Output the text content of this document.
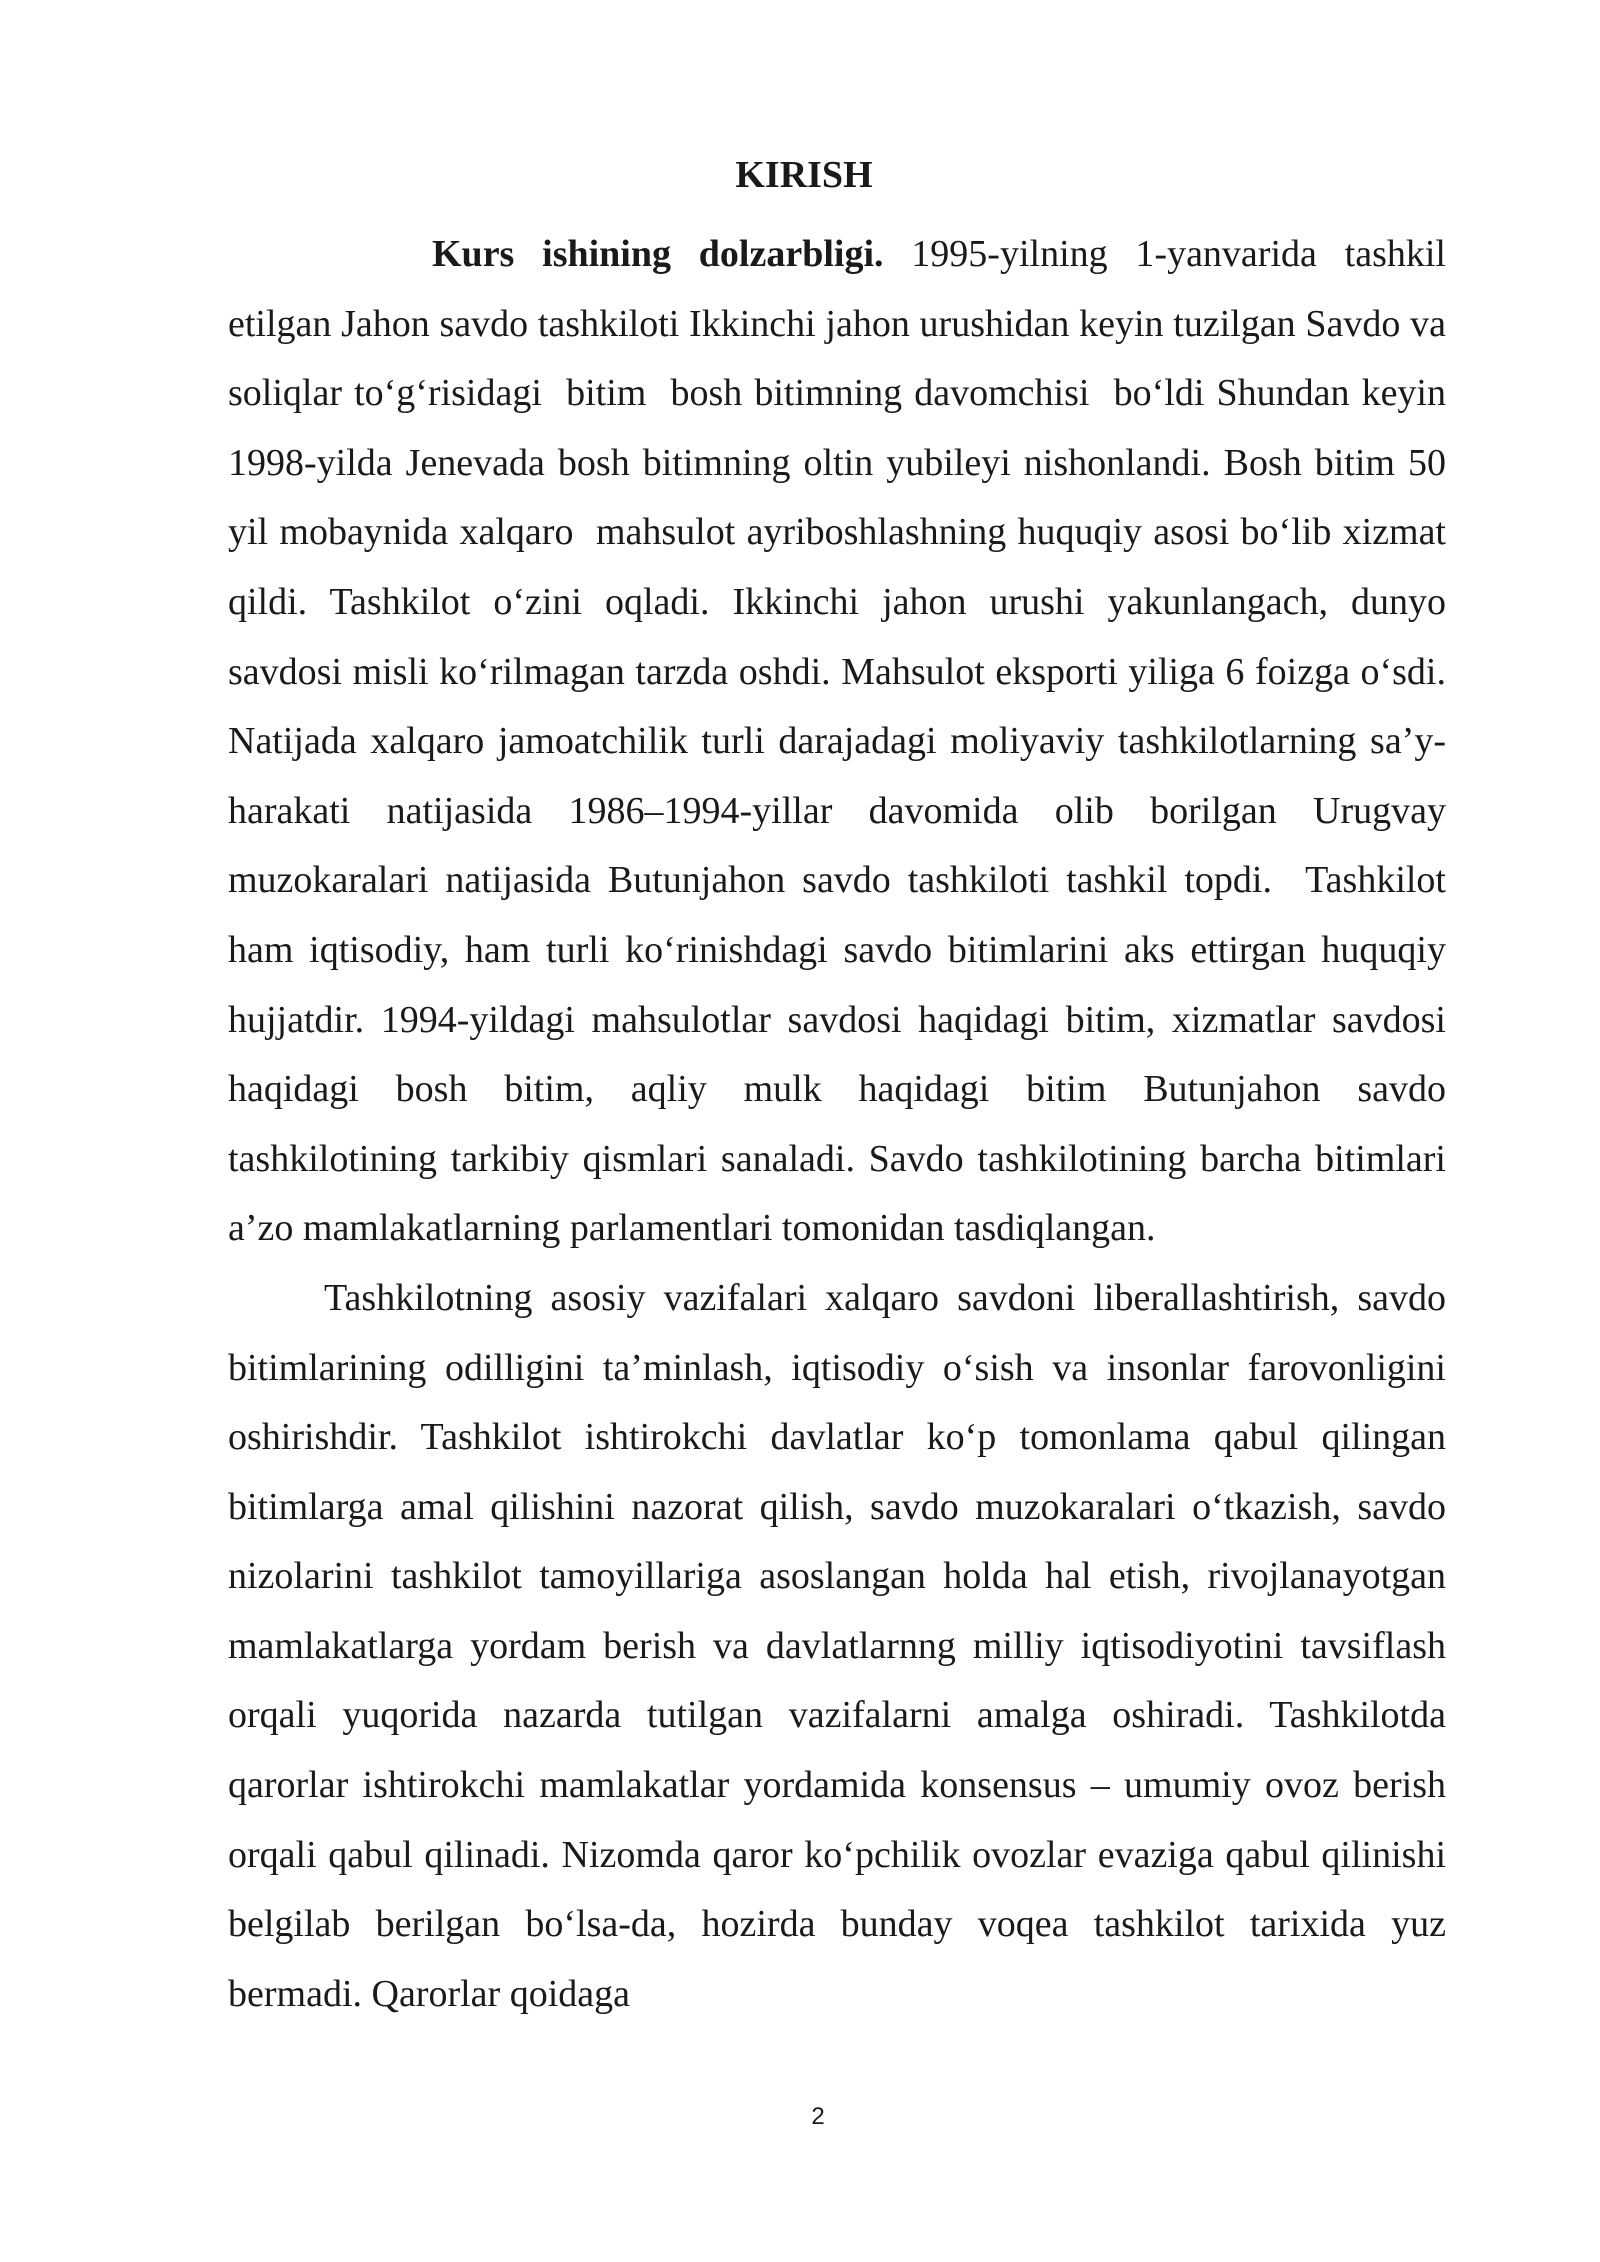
KIRISH

Kurs ishining dolzarbligi. 1995-yilning 1-yanvarida tashkil etilgan Jahon savdo tashkiloti Ikkinchi jahon urushidan keyin tuzilgan Savdo va soliqlar to‘g‘risidagi  bitim  bosh bitimning davomchisi  bo‘ldi Shundan keyin 1998-yilda Jenevada bosh bitimning oltin yubileyi nishonlandi. Bosh bitim 50 yil mobaynida xalqaro  mahsulot ayriboshlashning huquqiy asosi bo‘lib xizmat qildi. Tashkilot o‘zini oqladi. Ikkinchi jahon urushi yakunlangach, dunyo savdosi misli ko‘rilmagan tarzda oshdi. Mahsulot eksporti yiliga 6 foizga o‘sdi. Natijada xalqaro jamoatchilik turli darajadagi moliyaviy tashkilotlarning sa’y-harakati natijasida 1986–1994-yillar davomida olib borilgan Urugvay muzokaralari natijasida Butunjahon savdo tashkiloti tashkil topdi.  Tashkilot ham iqtisodiy, ham turli ko‘rinishdagi savdo bitimlarini aks ettirgan huquqiy hujjatdir. 1994-yildagi mahsulotlar savdosi haqidagi bitim, xizmatlar savdosi haqidagi bosh bitim, aqliy mulk haqidagi bitim Butunjahon savdo tashkilotining tarkibiy qismlari sanaladi. Savdo tashkilotining barcha bitimlari a’zo mamlakatlarning parlamentlari tomonidan tasdiqlangan.

Tashkilotning asosiy vazifalari xalqaro savdoni liberallashtirish, savdo bitimlarining odilligini ta’minlash, iqtisodiy o‘sish va insonlar farovonligini oshirishdir. Tashkilot ishtirokchi davlatlar ko‘p tomonlama qabul qilingan bitimlarga amal qilishini nazorat qilish, savdo muzokaralari o‘tkazish, savdo nizolarini tashkilot tamoyillariga asoslangan holda hal etish, rivojlanayotgan mamlakatlarga yordam berish va davlatlarnng milliy iqtisodiyotini tavsiflash orqali yuqorida nazarda tutilgan vazifalarni amalga oshiradi. Tashkilotda qarorlar ishtirokchi mamlakatlar yordamida konsensus – umumiy ovoz berish orqali qabul qilinadi. Nizomda qaror ko‘pchilik ovozlar evaziga qabul qilinishi belgilab berilgan bo‘lsa-da, hozirda bunday voqea tashkilot tarixida yuz bermadi. Qarorlar qoidaga

2
